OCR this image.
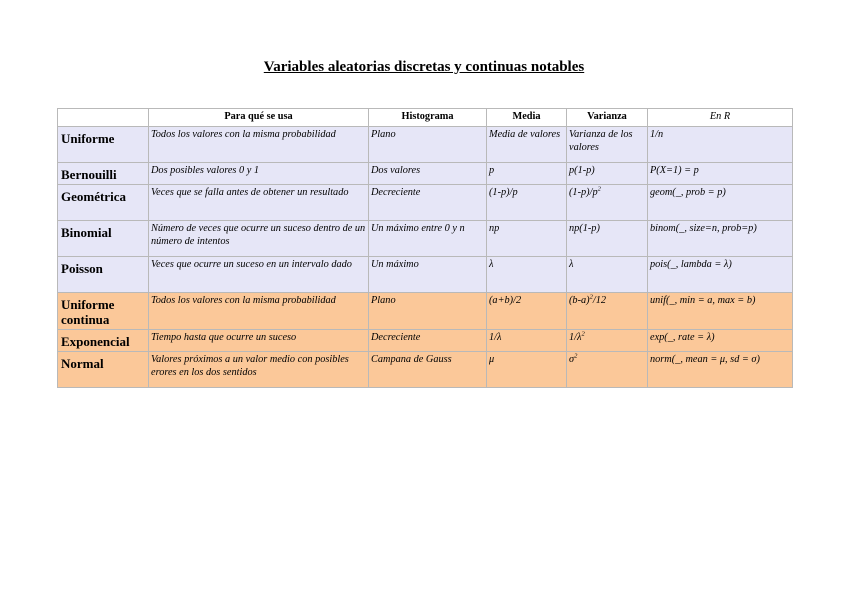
Variables aleatorias discretas y continuas notables
	Para qué se usa	Histograma	Media	Varianza	En R
Uniforme	Todos los valores con la misma probabilidad	Plano	Media de valores	Varianza de los valores	1/n
Bernouilli	Dos posibles valores 0 y 1	Dos valores	p	p(1-p)	P(X=1) = p
Geométrica	Veces que se falla antes de obtener un resultado	Decreciente	(1-p)/p	$(1-p)/p^2$	geom(_, prob = p)
Binomial	Número de veces que ocurre un suceso dentro de un número de intentos	Un máximo entre 0 y n	np	np(1-p)	binom(_, size=n, prob=p)
Poisson	Veces que ocurre un suceso en un intervalo dado	Un máximo	λ	λ	pois(_, lambda = λ)
Uniforme continua	Todos los valores con la misma probabilidad	Plano	(a+b)/2	$(b-a)^2/12$	unif(_, min = a, max = b)
Exponencial	Tiempo hasta que ocurre un suceso	Decreciente	1/λ	$1/\lambda^2$	exp(_, rate = λ)
Normal	Valores próximos a un valor medio con posibles erores en los dos sentidos	Campana de Gauss	μ	$\sigma^2$	norm(_, mean = μ, sd = σ)
